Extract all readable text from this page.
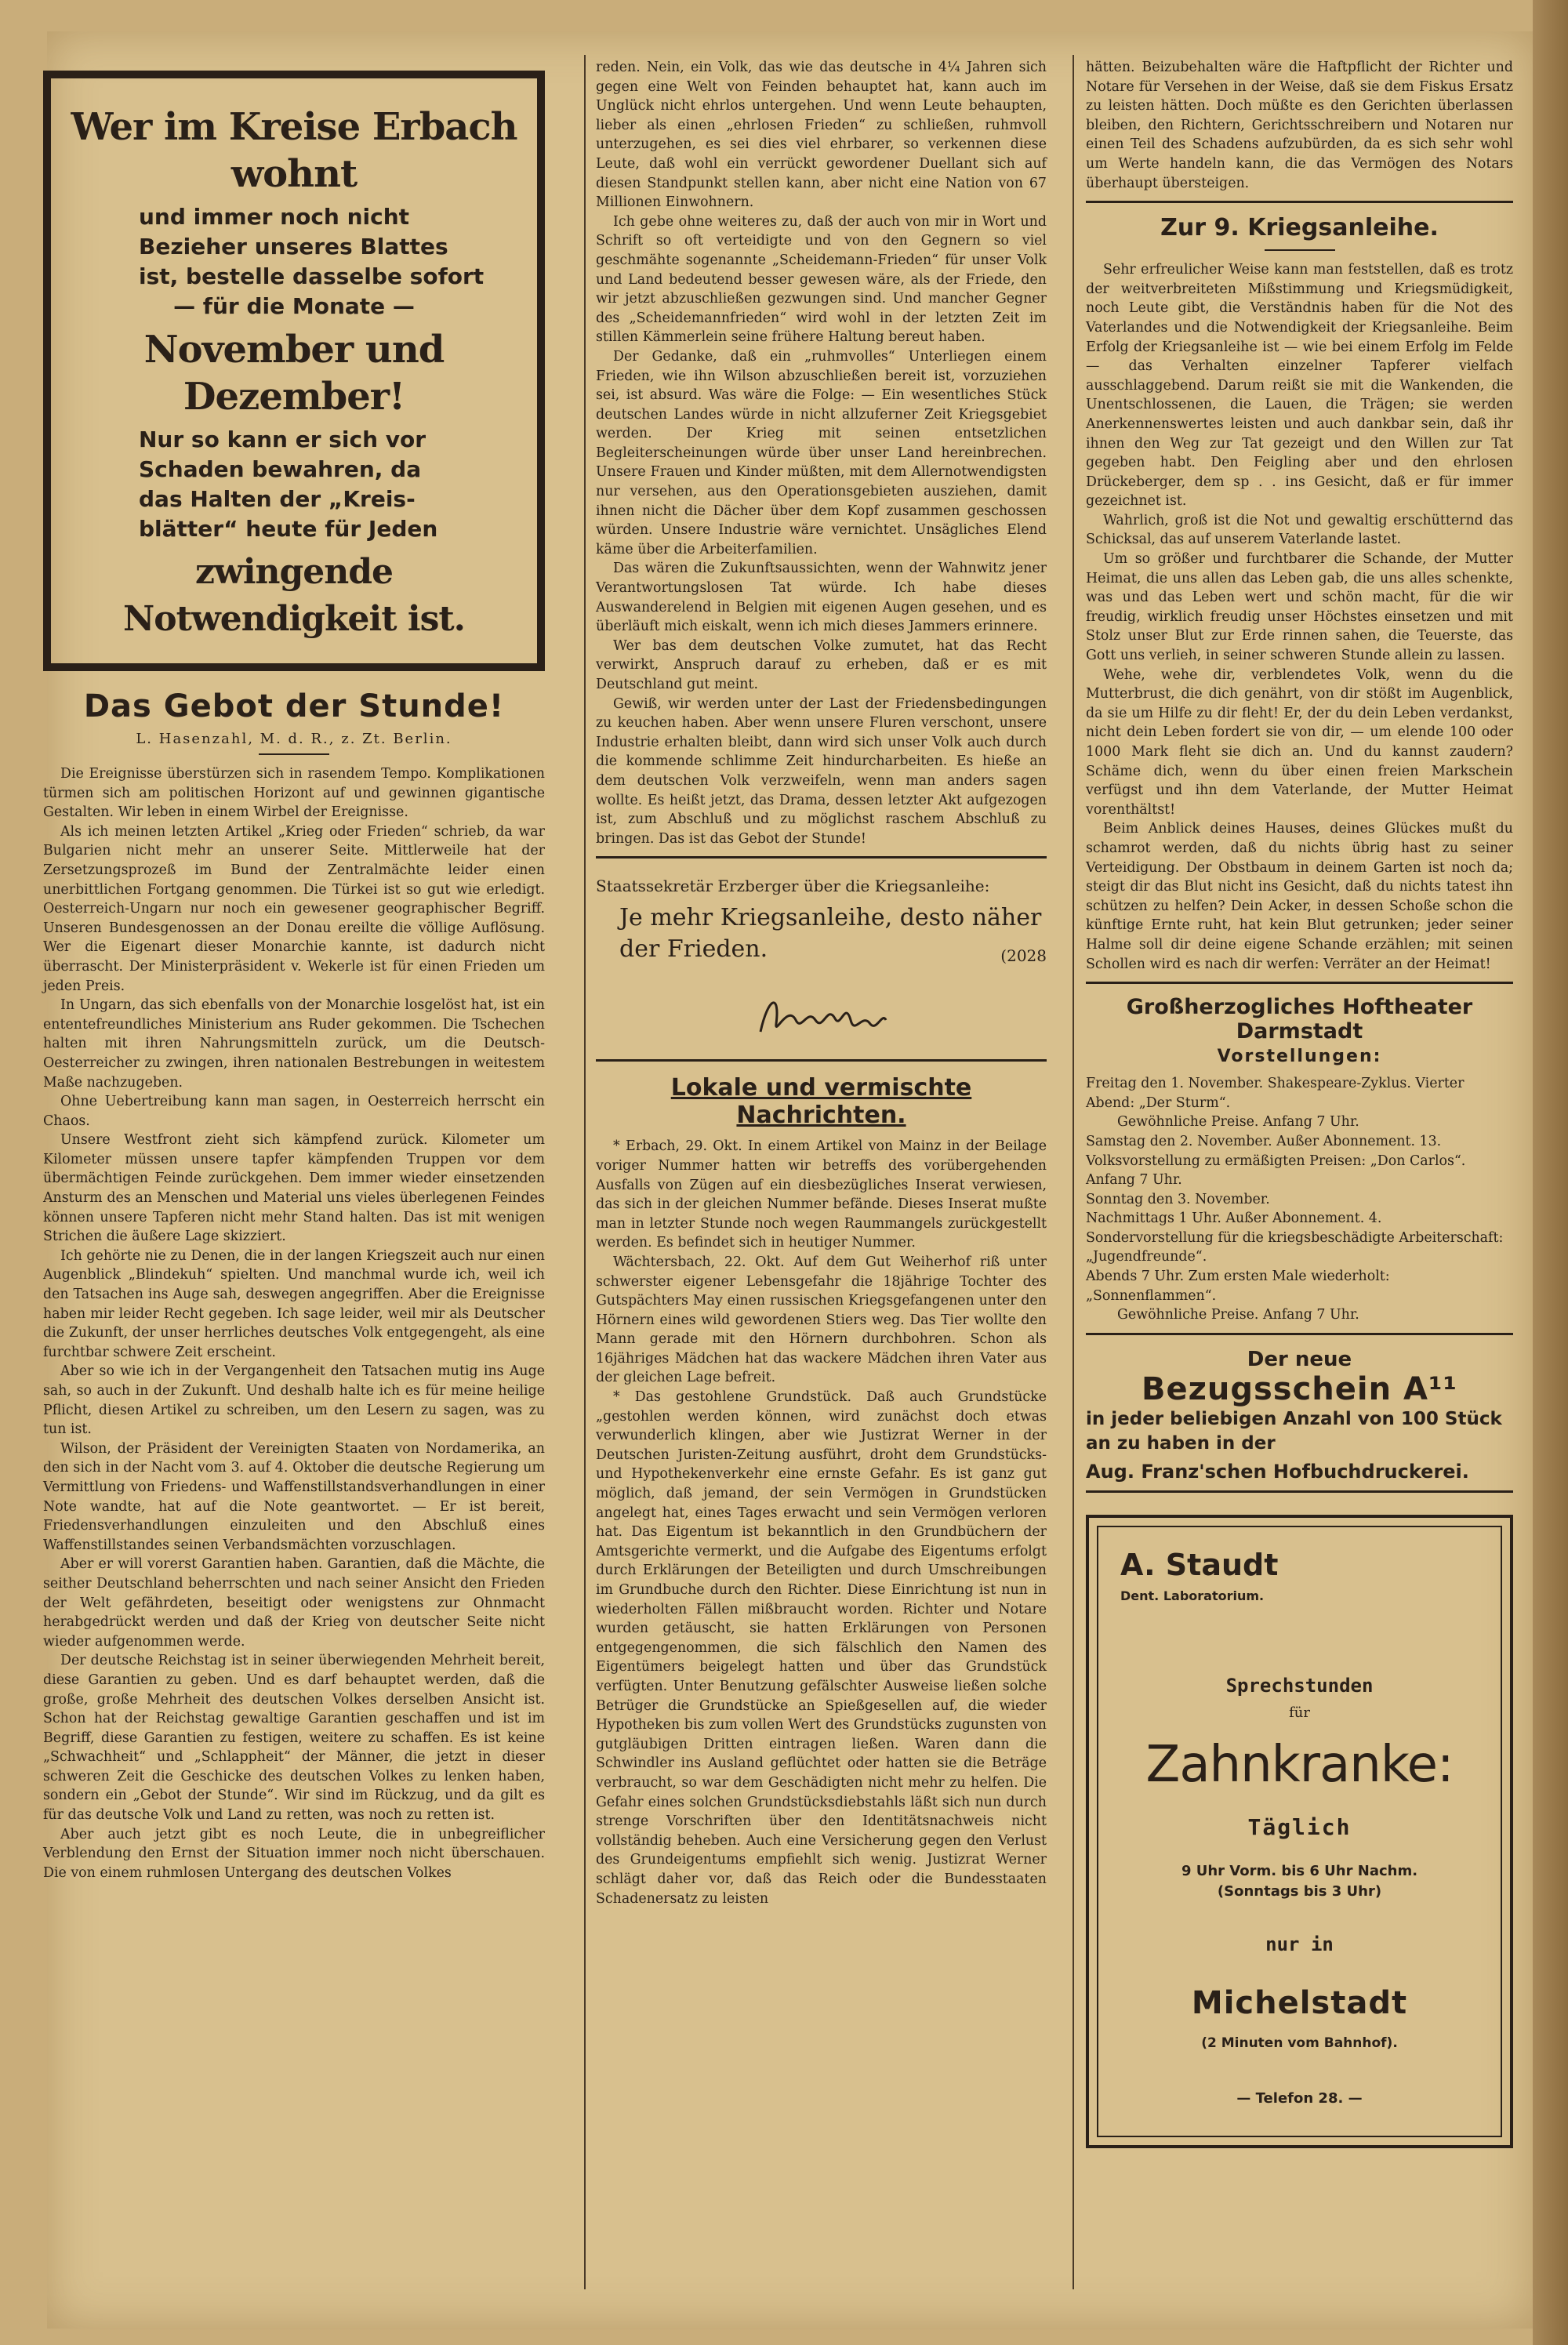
Wer im Kreise Erbach wohnt
und immer noch nicht
Bezieher unseres Blattes
ist, bestelle dasselbe sofort
— für die Monate —
November und Dezember!
Nur so kann er sich vor
Schaden bewahren, da
das Halten der „Kreis-
blätter“ heute für Jeden
zwingende Notwendigkeit ist.
Das Gebot der Stunde!
L. Hasenzahl, M. d. R., z. Zt. Berlin.

Die Ereignisse überstürzen sich in rasendem Tempo. Komplikationen türmen sich am politischen Horizont auf und gewinnen gigantische Gestalten. Wir leben in einem Wirbel der Ereignisse.

Als ich meinen letzten Artikel „Krieg oder Frieden“ schrieb, da war Bulgarien nicht mehr an unserer Seite. Mittlerweile hat der Zersetzungsprozeß im Bund der Zentralmächte leider einen unerbittlichen Fortgang genommen. Die Türkei ist so gut wie erledigt. Oesterreich-Ungarn nur noch ein gewesener geographischer Begriff. Unseren Bundesgenossen an der Donau ereilte die völlige Auflösung. Wer die Eigenart dieser Monarchie kannte, ist dadurch nicht überrascht. Der Ministerpräsident v. Wekerle ist für einen Frieden um jeden Preis.

In Ungarn, das sich ebenfalls von der Monarchie losgelöst hat, ist ein ententefreundliches Ministerium ans Ruder gekommen. Die Tschechen halten mit ihren Nahrungsmitteln zurück, um die Deutsch-Oesterreicher zu zwingen, ihren nationalen Bestrebungen in weitestem Maße nachzugeben.

Ohne Uebertreibung kann man sagen, in Oesterreich herrscht ein Chaos.

Unsere Westfront zieht sich kämpfend zurück. Kilometer um Kilometer müssen unsere tapfer kämpfenden Truppen vor dem übermächtigen Feinde zurückgehen. Dem immer wieder einsetzenden Ansturm des an Menschen und Material uns vieles überlegenen Feindes können unsere Tapferen nicht mehr Stand halten. Das ist mit wenigen Strichen die äußere Lage skizziert.

Ich gehörte nie zu Denen, die in der langen Kriegszeit auch nur einen Augenblick „Blindekuh“ spielten. Und manchmal wurde ich, weil ich den Tatsachen ins Auge sah, deswegen angegriffen. Aber die Ereignisse haben mir leider Recht gegeben. Ich sage leider, weil mir als Deutscher die Zukunft, der unser herrliches deutsches Volk entgegengeht, als eine furchtbar schwere Zeit erscheint.

Aber so wie ich in der Vergangenheit den Tatsachen mutig ins Auge sah, so auch in der Zukunft. Und deshalb halte ich es für meine heilige Pflicht, diesen Artikel zu schreiben, um den Lesern zu sagen, was zu tun ist.

Wilson, der Präsident der Vereinigten Staaten von Nordamerika, an den sich in der Nacht vom 3. auf 4. Oktober die deutsche Regierung um Vermittlung von Friedens- und Waffenstillstandsverhandlungen in einer Note wandte, hat auf die Note geantwortet. — Er ist bereit, Friedensverhandlungen einzuleiten und den Abschluß eines Waffenstillstandes seinen Verbandsmächten vorzuschlagen.

Aber er will vorerst Garantien haben. Garantien, daß die Mächte, die seither Deutschland beherrschten und nach seiner Ansicht den Frieden der Welt gefährdeten, beseitigt oder wenigstens zur Ohnmacht herabgedrückt werden und daß der Krieg von deutscher Seite nicht wieder aufgenommen werde.

Der deutsche Reichstag ist in seiner überwiegenden Mehrheit bereit, diese Garantien zu geben. Und es darf behauptet werden, daß die große, große Mehrheit des deutschen Volkes derselben Ansicht ist. Schon hat der Reichstag gewaltige Garantien geschaffen und ist im Begriff, diese Garantien zu festigen, weitere zu schaffen. Es ist keine „Schwachheit“ und „Schlappheit“ der Männer, die jetzt in dieser schweren Zeit die Geschicke des deutschen Volkes zu lenken haben, sondern ein „Gebot der Stunde“. Wir sind im Rückzug, und da gilt es für das deutsche Volk und Land zu retten, was noch zu retten ist.

Aber auch jetzt gibt es noch Leute, die in unbegreiflicher Verblendung den Ernst der Situation immer noch nicht überschauen. Die von einem ruhmlosen Untergang des deutschen Volkes

reden. Nein, ein Volk, das wie das deutsche in 4¼ Jahren sich gegen eine Welt von Feinden behauptet hat, kann auch im Unglück nicht ehrlos untergehen. Und wenn Leute behaupten, lieber als einen „ehrlosen Frieden“ zu schließen, ruhmvoll unterzugehen, es sei dies viel ehrbarer, so verkennen diese Leute, daß wohl ein verrückt gewordener Duellant sich auf diesen Standpunkt stellen kann, aber nicht eine Nation von 67 Millionen Einwohnern.

Ich gebe ohne weiteres zu, daß der auch von mir in Wort und Schrift so oft verteidigte und von den Gegnern so viel geschmähte sogenannte „Scheidemann-Frieden“ für unser Volk und Land bedeutend besser gewesen wäre, als der Friede, den wir jetzt abzuschließen gezwungen sind. Und mancher Gegner des „Scheidemannfrieden“ wird wohl in der letzten Zeit im stillen Kämmerlein seine frühere Haltung bereut haben.

Der Gedanke, daß ein „ruhmvolles“ Unterliegen einem Frieden, wie ihn Wilson abzuschließen bereit ist, vorzuziehen sei, ist absurd. Was wäre die Folge: — Ein wesentliches Stück deutschen Landes würde in nicht allzuferner Zeit Kriegsgebiet werden. Der Krieg mit seinen entsetzlichen Begleiterscheinungen würde über unser Land hereinbrechen. Unsere Frauen und Kinder müßten, mit dem Allernotwendigsten nur versehen, aus den Operationsgebieten ausziehen, damit ihnen nicht die Dächer über dem Kopf zusammen geschossen würden. Unsere Industrie wäre vernichtet. Unsägliches Elend käme über die Arbeiterfamilien.

Das wären die Zukunftsaussichten, wenn der Wahnwitz jener Verantwortungslosen Tat würde. Ich habe dieses Auswanderelend in Belgien mit eigenen Augen gesehen, und es überläuft mich eiskalt, wenn ich mich dieses Jammers erinnere.

Wer bas dem deutschen Volke zumutet, hat das Recht verwirkt, Anspruch darauf zu erheben, daß er es mit Deutschland gut meint.

Gewiß, wir werden unter der Last der Friedensbedingungen zu keuchen haben. Aber wenn unsere Fluren verschont, unsere Industrie erhalten bleibt, dann wird sich unser Volk auch durch die kommende schlimme Zeit hindurcharbeiten. Es hieße an dem deutschen Volk verzweifeln, wenn man anders sagen wollte. Es heißt jetzt, das Drama, dessen letzter Akt aufgezogen ist, zum Abschluß und zu möglichst raschem Abschluß zu bringen. Das ist das Gebot der Stunde!

Staatssekretär Erzberger über die Kriegsanleihe:
Je mehr Kriegsanleihe, desto näher der Frieden.	(2028
Lokale und vermischte Nachrichten.

* Erbach, 29. Okt. In einem Artikel von Mainz in der Beilage voriger Nummer hatten wir betreffs des vorübergehenden Ausfalls von Zügen auf ein diesbezügliches Inserat verwiesen, das sich in der gleichen Nummer befände. Dieses Inserat mußte man in letzter Stunde noch wegen Raummangels zurückgestellt werden. Es befindet sich in heutiger Nummer.

Wächtersbach, 22. Okt. Auf dem Gut Weiherhof riß unter schwerster eigener Lebensgefahr die 18jährige Tochter des Gutspächters May einen russischen Kriegsgefangenen unter den Hörnern eines wild gewordenen Stiers weg. Das Tier wollte den Mann gerade mit den Hörnern durchbohren. Schon als 16jähriges Mädchen hat das wackere Mädchen ihren Vater aus der gleichen Lage befreit.

* Das gestohlene Grundstück. Daß auch Grundstücke „gestohlen werden können, wird zunächst doch etwas verwunderlich klingen, aber wie Justizrat Werner in der Deutschen Juristen-Zeitung ausführt, droht dem Grundstücks- und Hypothekenverkehr eine ernste Gefahr. Es ist ganz gut möglich, daß jemand, der sein Vermögen in Grundstücken angelegt hat, eines Tages erwacht und sein Vermögen verloren hat. Das Eigentum ist bekanntlich in den Grundbüchern der Amtsgerichte vermerkt, und die Aufgabe des Eigentums erfolgt durch Erklärungen der Beteiligten und durch Umschreibungen im Grundbuche durch den Richter. Diese Einrichtung ist nun in wiederholten Fällen mißbraucht worden. Richter und Notare wurden getäuscht, sie hatten Erklärungen von Personen entgegengenommen, die sich fälschlich den Namen des Eigentümers beigelegt hatten und über das Grundstück verfügten. Unter Benutzung gefälschter Ausweise ließen solche Betrüger die Grundstücke an Spießgesellen auf, die wieder Hypotheken bis zum vollen Wert des Grundstücks zugunsten von gutgläubigen Dritten eintragen ließen. Waren dann die Schwindler ins Ausland geflüchtet oder hatten sie die Beträge verbraucht, so war dem Geschädigten nicht mehr zu helfen. Die Gefahr eines solchen Grundstücksdiebstahls läßt sich nun durch strenge Vorschriften über den Identitätsnachweis nicht vollständig beheben. Auch eine Versicherung gegen den Verlust des Grundeigentums empfiehlt sich wenig. Justizrat Werner schlägt daher vor, daß das Reich oder die Bundesstaaten Schadenersatz zu leisten

hätten. Beizubehalten wäre die Haftpflicht der Richter und Notare für Versehen in der Weise, daß sie dem Fiskus Ersatz zu leisten hätten. Doch müßte es den Gerichten überlassen bleiben, den Richtern, Gerichtsschreibern und Notaren nur einen Teil des Schadens aufzubürden, da es sich sehr wohl um Werte handeln kann, die das Vermögen des Notars überhaupt übersteigen.

Zur 9. Kriegsanleihe.

Sehr erfreulicher Weise kann man feststellen, daß es trotz der weitverbreiteten Mißstimmung und Kriegsmüdigkeit, noch Leute gibt, die Verständnis haben für die Not des Vaterlandes und die Notwendigkeit der Kriegsanleihe. Beim Erfolg der Kriegsanleihe ist — wie bei einem Erfolg im Felde — das Verhalten einzelner Tapferer vielfach ausschlaggebend. Darum reißt sie mit die Wankenden, die Unentschlossenen, die Lauen, die Trägen; sie werden Anerkennenswertes leisten und auch dankbar sein, daß ihr ihnen den Weg zur Tat gezeigt und den Willen zur Tat gegeben habt. Den Feigling aber und den ehrlosen Drückeberger, dem sp . . ins Gesicht, daß er für immer gezeichnet ist.

Wahrlich, groß ist die Not und gewaltig erschütternd das Schicksal, das auf unserem Vaterlande lastet.

Um so größer und furchtbarer die Schande, der Mutter Heimat, die uns allen das Leben gab, die uns alles schenkte, was und das Leben wert und schön macht, für die wir freudig, wirklich freudig unser Höchstes einsetzen und mit Stolz unser Blut zur Erde rinnen sahen, die Teuerste, das Gott uns verlieh, in seiner schweren Stunde allein zu lassen.

Wehe, wehe dir, verblendetes Volk, wenn du die Mutterbrust, die dich genährt, von dir stößt im Augenblick, da sie um Hilfe zu dir fleht! Er, der du dein Leben verdankst, nicht dein Leben fordert sie von dir, — um elende 100 oder 1000 Mark fleht sie dich an. Und du kannst zaudern? Schäme dich, wenn du über einen freien Markschein verfügst und ihn dem Vaterlande, der Mutter Heimat vorenthältst!

Beim Anblick deines Hauses, deines Glückes mußt du schamrot werden, daß du nichts übrig hast zu seiner Verteidigung. Der Obstbaum in deinem Garten ist noch da; steigt dir das Blut nicht ins Gesicht, daß du nichts tatest ihn schützen zu helfen? Dein Acker, in dessen Schoße schon die künftige Ernte ruht, hat kein Blut getrunken; jeder seiner Halme soll dir deine eigene Schande erzählen; mit seinen Schollen wird es nach dir werfen: Verräter an der Heimat!

Großherzogliches Hoftheater Darmstadt
Vorstellungen:

Freitag den 1. November. Shakespeare-Zyklus. Vierter Abend: „Der Sturm“.

Gewöhnliche Preise. Anfang 7 Uhr.

Samstag den 2. November. Außer Abonnement. 13. Volksvorstellung zu ermäßigten Preisen: „Don Carlos“. Anfang 7 Uhr.

Sonntag den 3. November.

Nachmittags 1 Uhr. Außer Abonnement. 4. Sondervorstellung für die kriegsbeschädigte Arbeiterschaft: „Jugendfreunde“.

Abends 7 Uhr. Zum ersten Male wiederholt: „Sonnenflammen“.

Gewöhnliche Preise. Anfang 7 Uhr.

Der neue
Bezugsschein A¹¹
in jeder beliebigen Anzahl von 100 Stück an zu haben in der
Aug. Franz'schen Hofbuchdruckerei.
A. Staudt
Dent. Laboratorium.
Sprechstunden
für
Zahnkranke:
Täglich
9 Uhr Vorm. bis 6 Uhr Nachm.
(Sonntags bis 3 Uhr)
nur in
Michelstadt
(2 Minuten vom Bahnhof).
— Telefon 28. —
